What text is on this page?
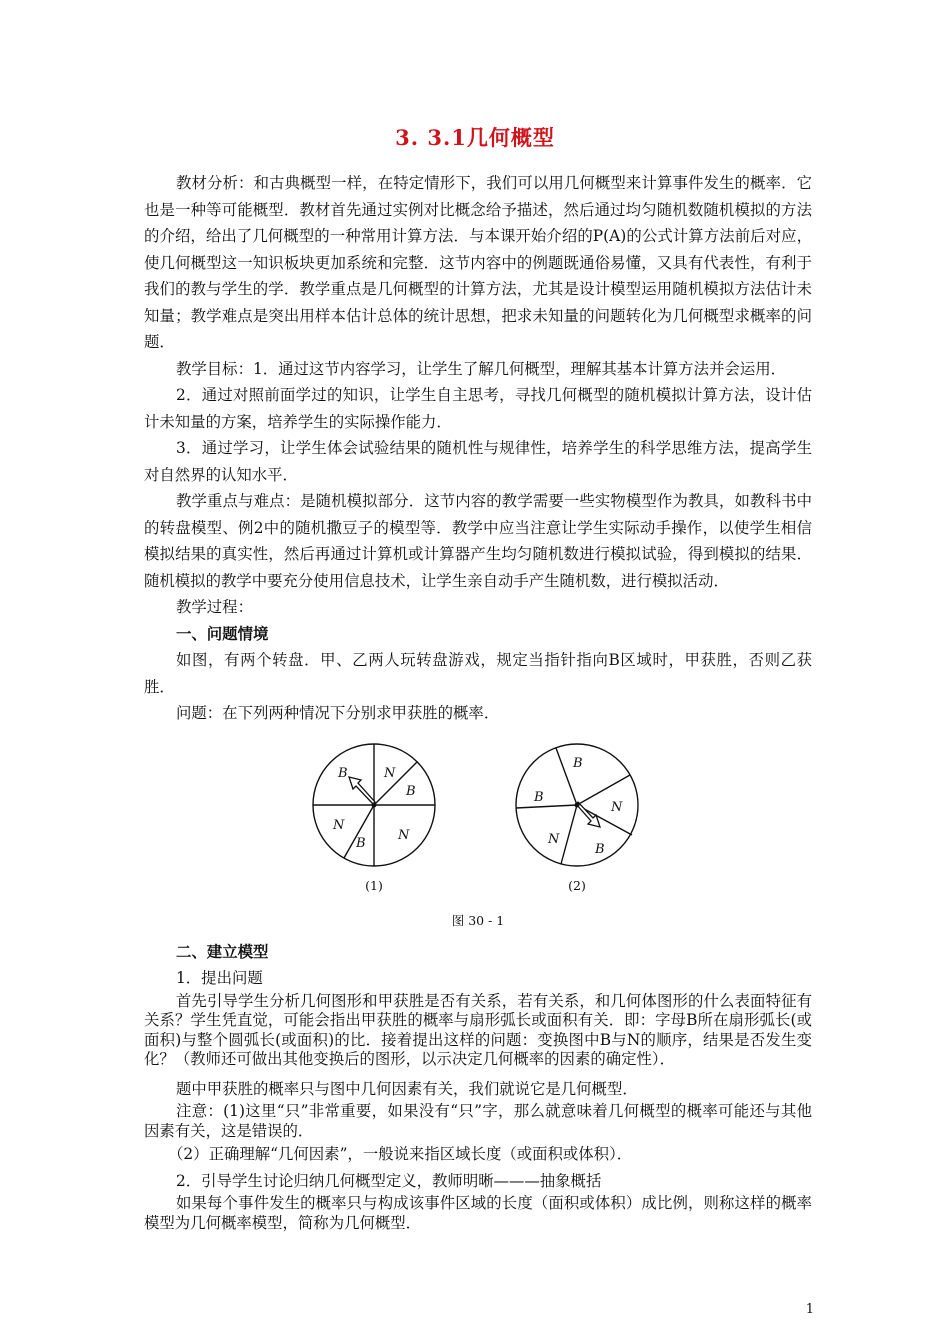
3. 3.1几何概型

教材分析：和古典概型一样，在特定情形下，我们可以用几何概型来计算事件发生的概率．它也是一种等可能概型．教材首先通过实例对比概念给予描述，然后通过均匀随机数随机模拟的方法的介绍，给出了几何概型的一种常用计算方法．与本课开始介绍的P(A)的公式计算方法前后对应，使几何概型这一知识板块更加系统和完整．这节内容中的例题既通俗易懂，又具有代表性，有利于我们的教与学生的学．教学重点是几何概型的计算方法，尤其是设计模型运用随机模拟方法估计未知量；教学难点是突出用样本估计总体的统计思想，把求未知量的问题转化为几何概型求概率的问题．

教学目标：1．通过这节内容学习，让学生了解几何概型，理解其基本计算方法并会运用．

2．通过对照前面学过的知识，让学生自主思考，寻找几何概型的随机模拟计算方法，设计估计未知量的方案，培养学生的实际操作能力．

3．通过学习，让学生体会试验结果的随机性与规律性，培养学生的科学思维方法，提高学生对自然界的认知水平．

教学重点与难点：是随机模拟部分．这节内容的教学需要一些实物模型作为教具，如教科书中的转盘模型、例2中的随机撒豆子的模型等．教学中应当注意让学生实际动手操作，以使学生相信模拟结果的真实性，然后再通过计算机或计算器产生均匀随机数进行模拟试验，得到模拟的结果．随机模拟的教学中要充分使用信息技术，让学生亲自动手产生随机数，进行模拟活动．

教学过程：

一、问题情境

如图，有两个转盘．甲、乙两人玩转盘游戏，规定当指针指向B区域时，甲获胜，否则乙获胜．

问题：在下列两种情况下分别求甲获胜的概率．

B	N
B
N
B
N
(1)
B
N
B
N
B
(2)

图 30 - 1

二、建立模型

1．提出问题

首先引导学生分析几何图形和甲获胜是否有关系，若有关系，和几何体图形的什么表面特征有关系？学生凭直觉，可能会指出甲获胜的概率与扇形弧长或面积有关．即：字母B所在扇形弧长(或面积)与整个圆弧长(或面积)的比．接着提出这样的问题：变换图中B与N的顺序，结果是否发生变化？（教师还可做出其他变换后的图形，以示决定几何概率的因素的确定性）．

题中甲获胜的概率只与图中几何因素有关，我们就说它是几何概型．

注意：(1)这里“只”非常重要，如果没有“只”字，那么就意味着几何概型的概率可能还与其他因素有关，这是错误的．

（2）正确理解“几何因素”，一般说来指区域长度（或面积或体积）．

2．引导学生讨论归纳几何概型定义，教师明晰———抽象概括

如果每个事件发生的概率只与构成该事件区域的长度（面积或体积）成比例，则称这样的概率模型为几何概率模型，简称为几何概型．

1
